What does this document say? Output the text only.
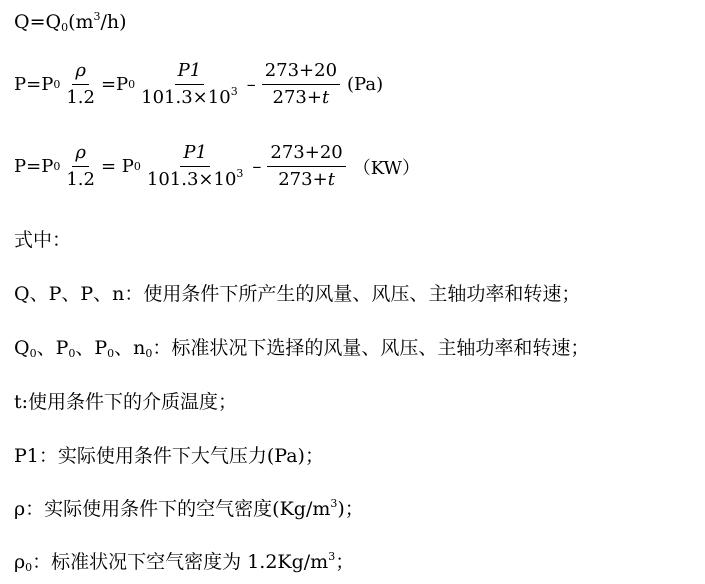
$Q=Q_0(m^3/h)$
P=P $0 \frac{\rho}{1.2} =P$ $0 \frac{P1}{101.3\times 10^3} - \frac{273+20}{273+t} (Pa)$
P=P $0 \frac{\rho}{1.2} = P$ $0 \frac{P1}{101.3\times 10^3} - \frac{273+20}{273+t} (KW)$
式中：
Q、P、P、n：使用条件下所产生的风量、风压、主轴功率和转速；
$Q_0$、$P_0$、$P_0$、$n_0$：标准状况下选择的风量、风压、主轴功率和转速；
t:使用条件下的介质温度；
P1：实际使用条件下大气压力(Pa)；
ρ：实际使用条件下的空气密度$(Kg/m^3)$；
$\rho_0$：标准状况下空气密度为 $1.2Kg/m^3$；
